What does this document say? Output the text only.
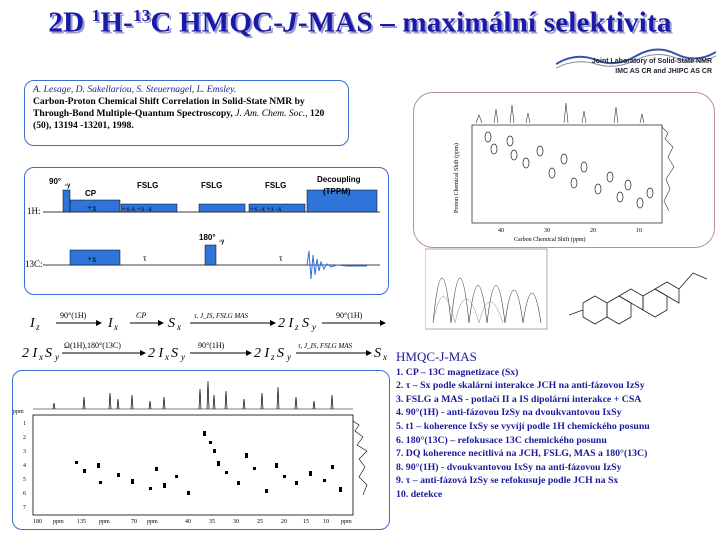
2D $^1$H-$^{13}$C HMQC-J-MAS – maximální selektivita
Joint Laboratory of Solid-State NMR
IMC AS CR and JHIPC AS CR
A. Lesage, D. Sakellariou, S. Steuernagel, L. Emsley.
Carbon-Proton Chemical Shift Correlation in Solid-State NMR by Through-Bond Multiple-Quantum Spectroscopy, J. Am. Chem. Soc., 120 (50), 13194 -13201, 1998.
1H:
13C:
90° -y
CP
FSLG	FSLG	FSLG
Decoupling
(TPPM)
+x
+x
+x-x +x -x	+x -x +x -x
180° -y
τ	τ
Proton Chemical Shift (ppm)
Carbon Chemical Shift (ppm)
40	30	20	10
I z
90°(1H)
I x
CP
S x
τ, J_IS, FSLG MAS 2 I z S y
90°(1H)
2 I x S y
Ω(1H),180°(13C)
2 I x S y
90°(1H)
2 I z S y
τ, J_IS, FSLG MAS S x HMQC-J-MAS
1. CP – 13C magnetizace (Sx)
2. τ – Sx podle skalární interakce JCH na anti-fázovou IzSy
3. FSLG a MAS - potlačí II a IS dipolární interakce + CSA
4. 90°(1H) - anti-fázovou IzSy na dvoukvantovou IxSy
5. t1 – koherence IxSy se vyvíjí podle 1H chemického posunu
6. 180°(13C) – refokusace 13C chemického posunu
7. DQ koherence necitlivá na JCH, FSLG, MAS a 180°(13C)
8. 90°(1H) - dvoukvantovou IxSy na anti-fázovou IzSy
9. τ – anti-fázová IzSy se refokusuje podle JCH na Sx
10. detekce
ppm
1
2
3
4
5
6
7
180 ppm 135 ppm	70 ppm	40	35	30	25	20	15 10 ppm
